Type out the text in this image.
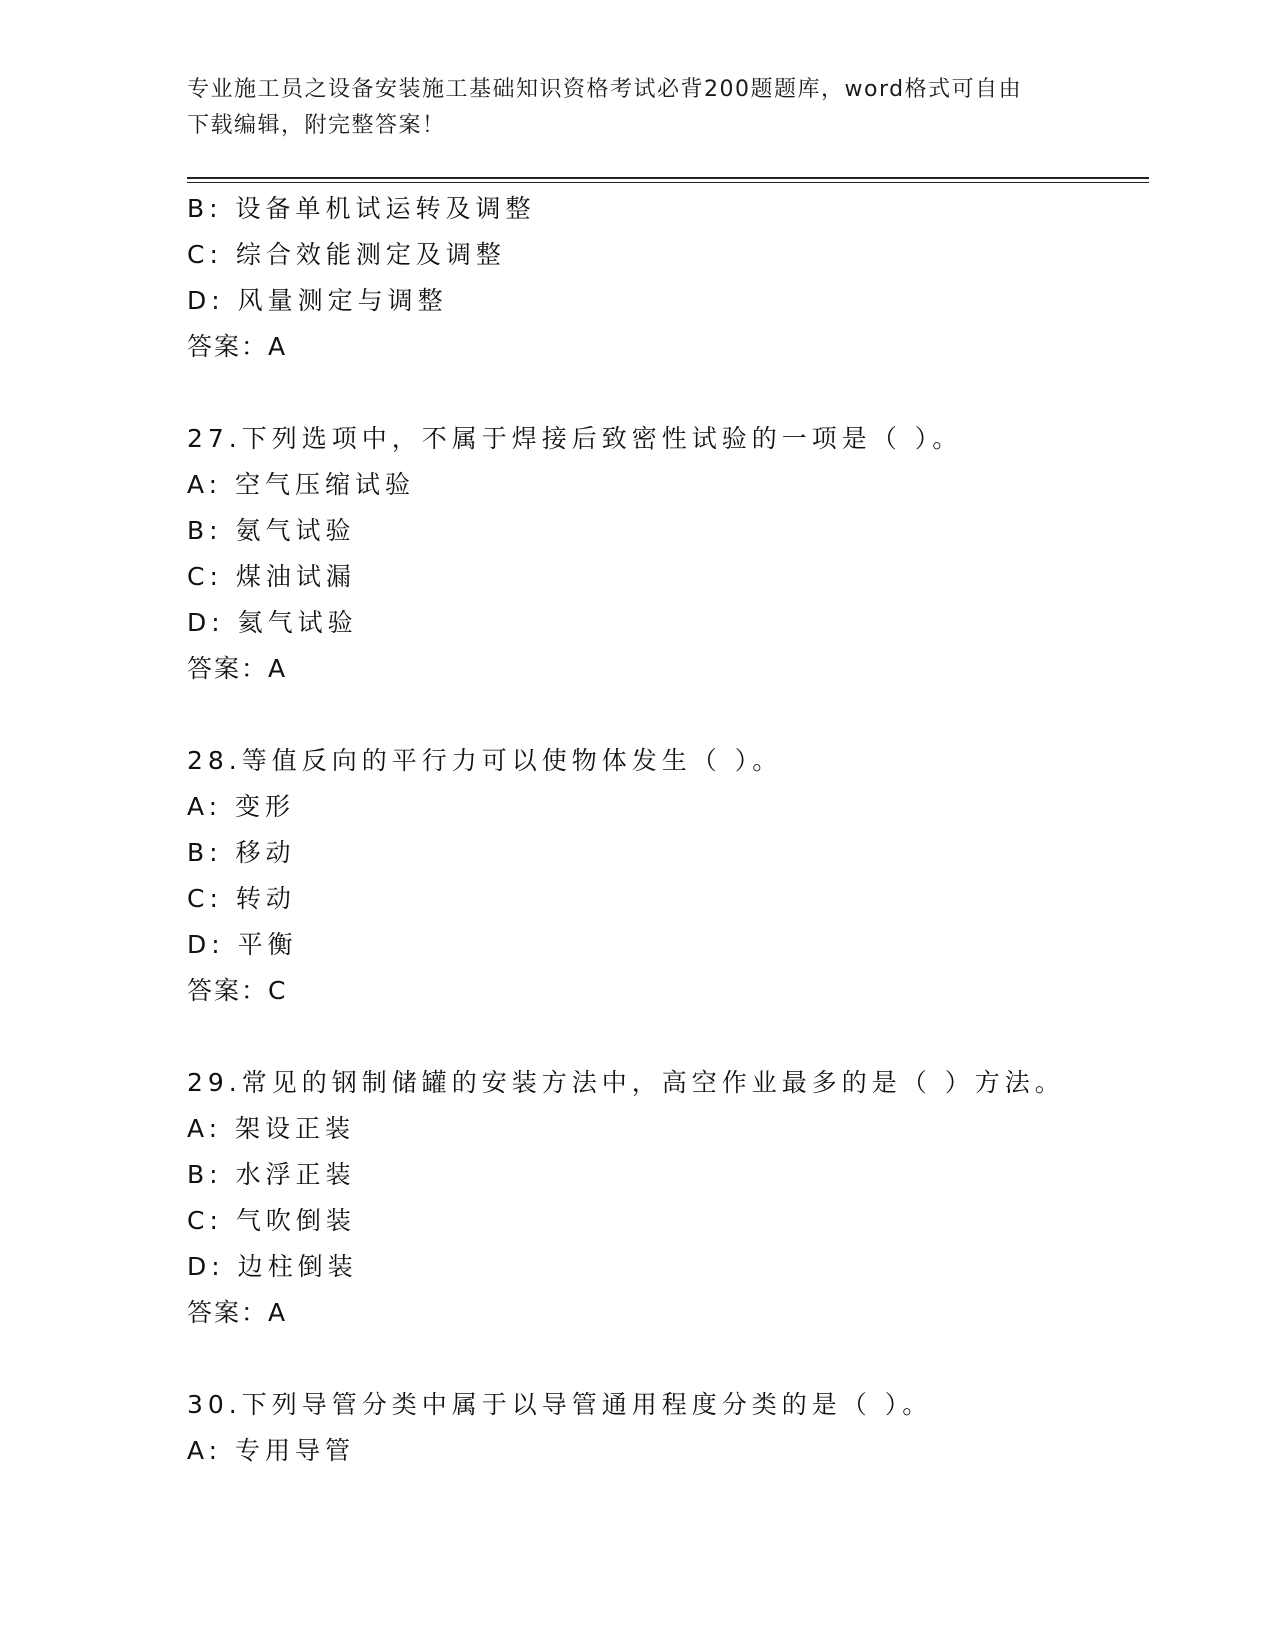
专业施工员之设备安装施工基础知识资格考试必背200题题库，word格式可自由
下载编辑，附完整答案！
B: 设备单机试运转及调整
C: 综合效能测定及调整
D: 风量测定与调整
答案：A
27.下列选项中，不属于焊接后致密性试验的一项是（ ）。
A: 空气压缩试验
B: 氨气试验
C: 煤油试漏
D: 氦气试验
答案：A
28.等值反向的平行力可以使物体发生（ ）。
A: 变形
B: 移动
C: 转动
D: 平衡
答案：C
29.常见的钢制储罐的安装方法中，高空作业最多的是（ ）方法。
A: 架设正装
B: 水浮正装
C: 气吹倒装
D: 边柱倒装
答案：A
30.下列导管分类中属于以导管通用程度分类的是（ ）。
A: 专用导管
